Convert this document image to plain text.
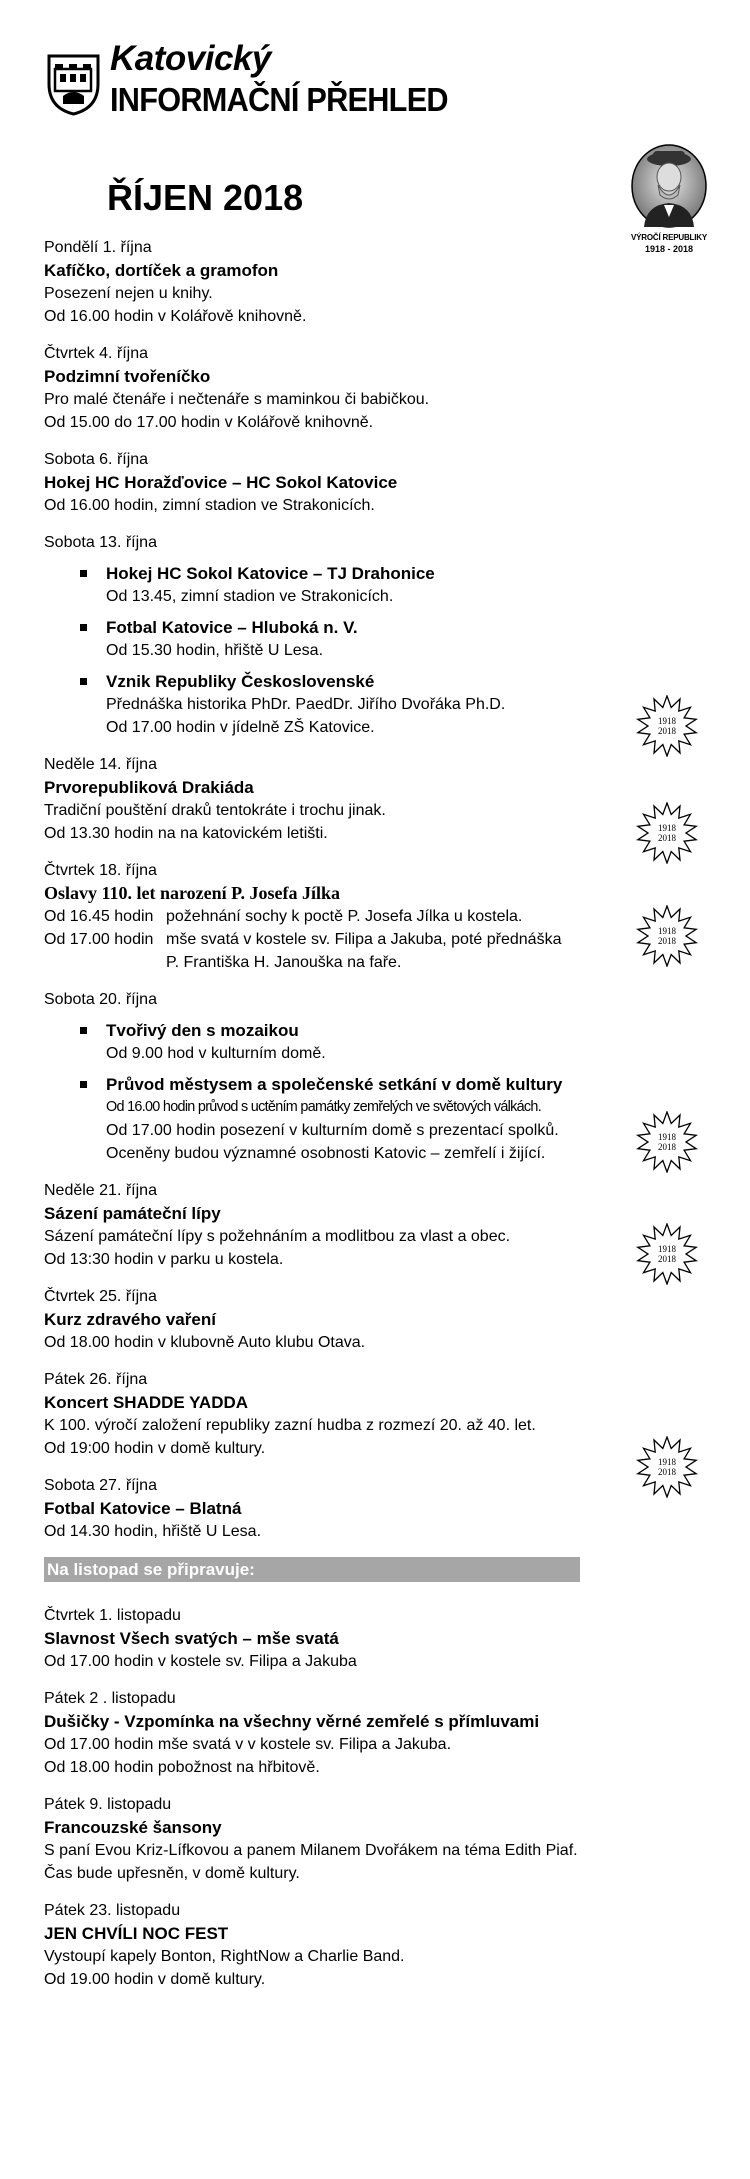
Katovický
INFORMAČNÍ PŘEHLED
ŘÍJEN 2018
VÝROČÍ REPUBLIKY
1918 - 2018
1918
2018
1918
2018
1918
2018
1918
2018
1918
2018
1918
2018
Pondělí 1. října
Kafíčko, dortíček a gramofon
Posezení nejen u knihy.
Od 16.00 hodin v Kolářově knihovně.
Čtvrtek 4. října
Podzimní tvořeníčko
Pro malé čtenáře i nečtenáře s maminkou či babičkou.
Od 15.00 do 17.00 hodin v Kolářově knihovně.
Sobota 6. října
Hokej HC Horažďovice – HC Sokol Katovice
Od 16.00 hodin, zimní stadion ve Strakonicích.
Sobota 13. října
Hokej HC Sokol Katovice – TJ Drahonice
Od 13.45, zimní stadion ve Strakonicích.
Fotbal Katovice – Hluboká n. V.
Od 15.30 hodin, hřiště U Lesa.
Vznik Republiky Československé
Přednáška historika PhDr. PaedDr. Jiřího Dvořáka Ph.D.
Od 17.00 hodin v jídelně ZŠ Katovice.
Neděle 14. října
Prvorepubliková Drakiáda
Tradiční pouštění draků tentokráte i trochu jinak.
Od 13.30 hodin na na katovickém letišti.
Čtvrtek 18. října
Oslavy 110. let narození P. Josefa Jílka
Od 16.45 hodin požehnání sochy k poctě P. Josefa Jílka u kostela.
Od 17.00 hodin mše svatá v kostele sv. Filipa a Jakuba, poté přednáška
P. Františka H. Janouška na faře.
Sobota 20. října
Tvořivý den s mozaikou
Od 9.00 hod v kulturním domě.
Průvod městysem a společenské setkání v domě kultury
Od 16.00 hodin průvod s uctěním památky zemřelých ve světových válkách.
Od 17.00 hodin posezení v kulturním domě s prezentací spolků.
Oceněny budou významné osobnosti Katovic – zemřelí i žijící.
Neděle 21. října
Sázení památeční lípy
Sázení památeční lípy s požehnáním a modlitbou za vlast a obec.
Od 13:30 hodin v parku u kostela.
Čtvrtek 25. října
Kurz zdravého vaření
Od 18.00 hodin v klubovně Auto klubu Otava.
Pátek 26. října
Koncert SHADDE YADDA
K 100. výročí založení republiky zazní hudba z rozmezí 20. až 40. let.
Od 19:00 hodin v domě kultury.
Sobota 27. října
Fotbal Katovice – Blatná
Od 14.30 hodin, hřiště U Lesa.
Na listopad se připravuje:
Čtvrtek 1. listopadu
Slavnost Všech svatých – mše svatá
Od 17.00 hodin v kostele sv. Filipa a Jakuba
Pátek 2 . listopadu
Dušičky - Vzpomínka na všechny věrné zemřelé s přímluvami
Od 17.00 hodin mše svatá v v kostele sv. Filipa a Jakuba.
Od 18.00 hodin pobožnost na hřbitově.
Pátek 9. listopadu
Francouzské šansony
S paní Evou Kriz-Lífkovou a panem Milanem Dvořákem na téma Edith Piaf.
Čas bude upřesněn, v domě kultury.
Pátek 23. listopadu
JEN CHVÍLI NOC FEST
Vystoupí kapely Bonton, RightNow a Charlie Band.
Od 19.00 hodin v domě kultury.
